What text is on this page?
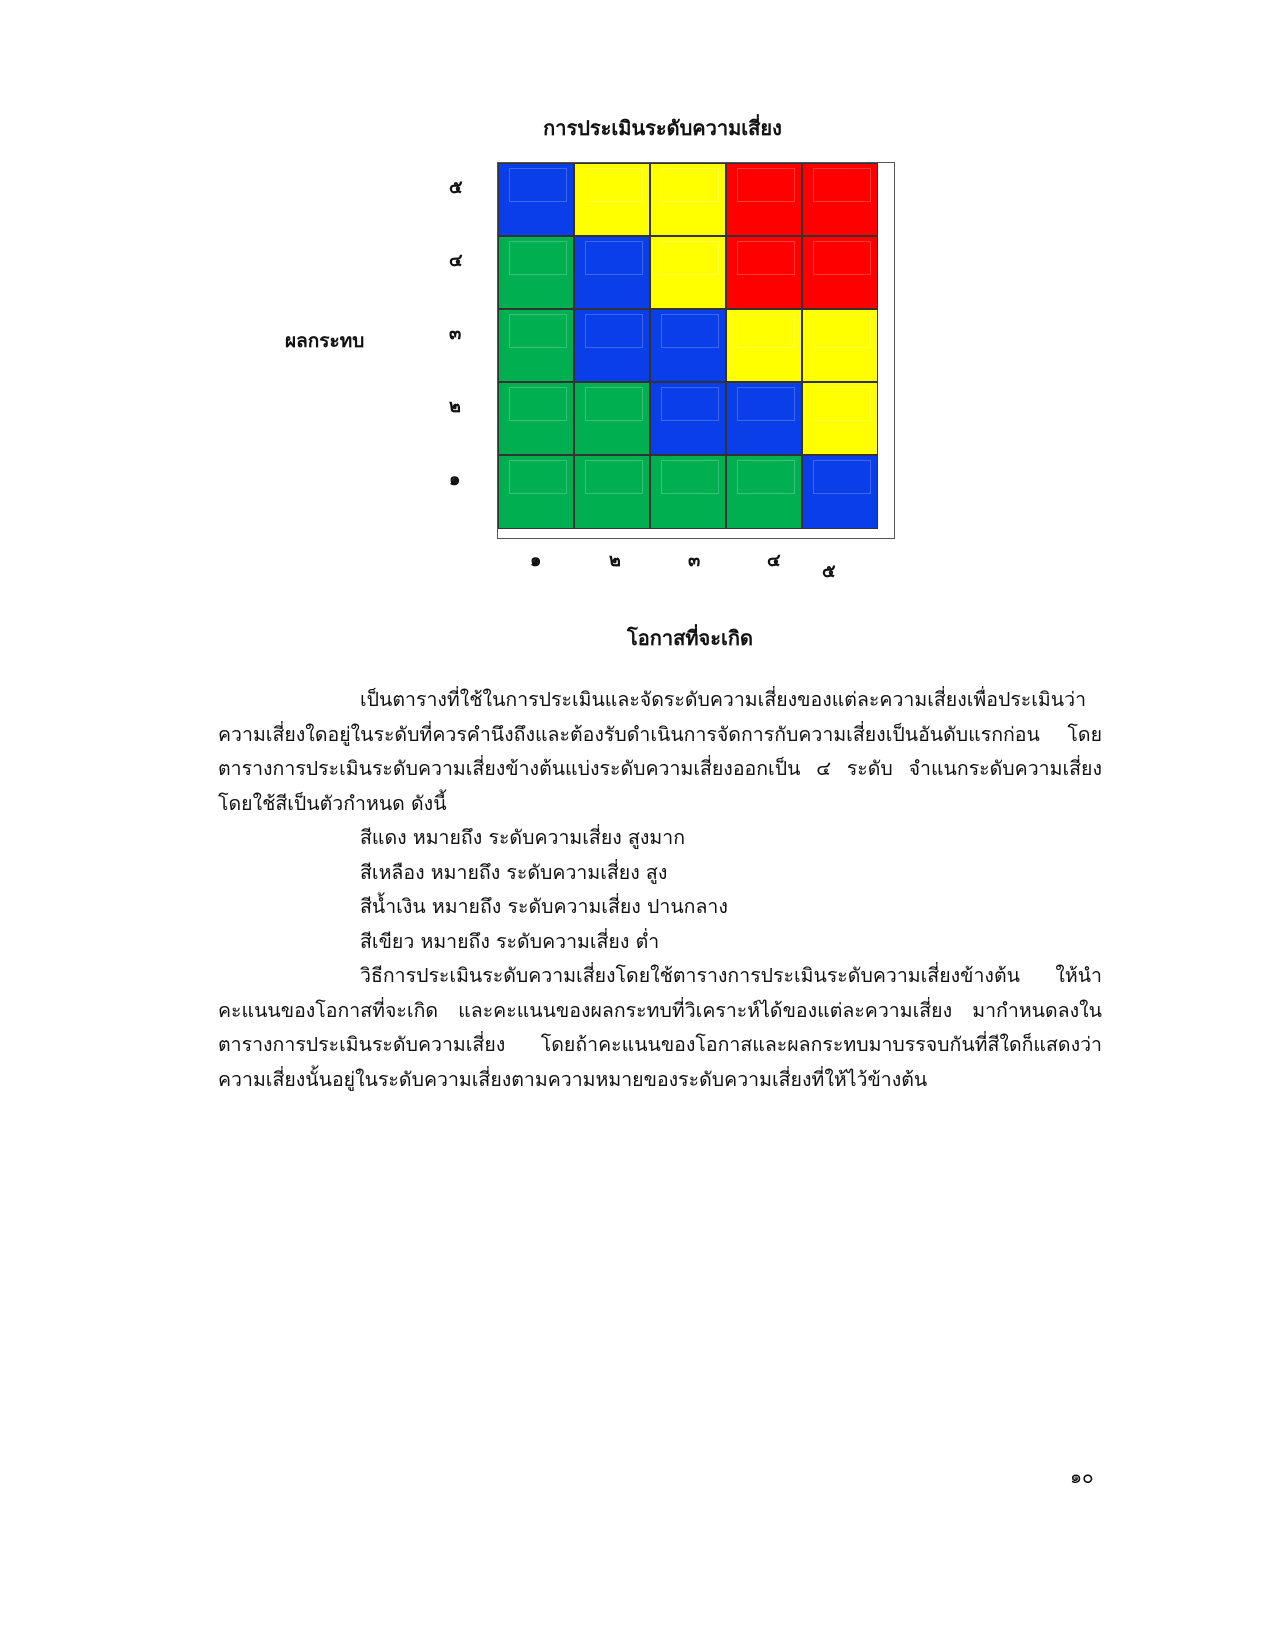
การประเมินระดับความเสี่ยง
ผลกระทบ
๕
๔
๓
๒
๑
๑	๒	๓	๔
๕
โอกาสที่จะเกิด

เป็นตารางที่ใช้ในการประเมินและจัดระดับความเสี่ยงของแต่ละความเสี่ยงเพื่อประเมินว่าความเสี่ยงใดอยู่ในระดับที่ควรคำนึงถึงและต้องรับดำเนินการจัดการกับความเสี่ยงเป็นอันดับแรกก่อน โดยตารางการประเมินระดับความเสี่ยงข้างต้นแบ่งระดับความเสี่ยงออกเป็น ๔ ระดับ จำแนกระดับความเสี่ยงโดยใช้สีเป็นตัวกำหนด ดังนี้

สีแดง หมายถึง ระดับความเสี่ยง สูงมาก

สีเหลือง หมายถึง ระดับความเสี่ยง สูง

สีน้ำเงิน หมายถึง ระดับความเสี่ยง ปานกลาง

สีเขียว หมายถึง ระดับความเสี่ยง ต่ำ

วิธีการประเมินระดับความเสี่ยงโดยใช้ตารางการประเมินระดับความเสี่ยงข้างต้น ให้นำคะแนนของโอกาสที่จะเกิด และคะแนนของผลกระทบที่วิเคราะห์ได้ของแต่ละความเสี่ยง มากำหนดลงในตารางการประเมินระดับความเสี่ยง โดยถ้าคะแนนของโอกาสและผลกระทบมาบรรจบกันที่สีใดก็แสดงว่าความเสี่ยงนั้นอยู่ในระดับความเสี่ยงตามความหมายของระดับความเสี่ยงที่ให้ไว้ข้างต้น

๑๐
